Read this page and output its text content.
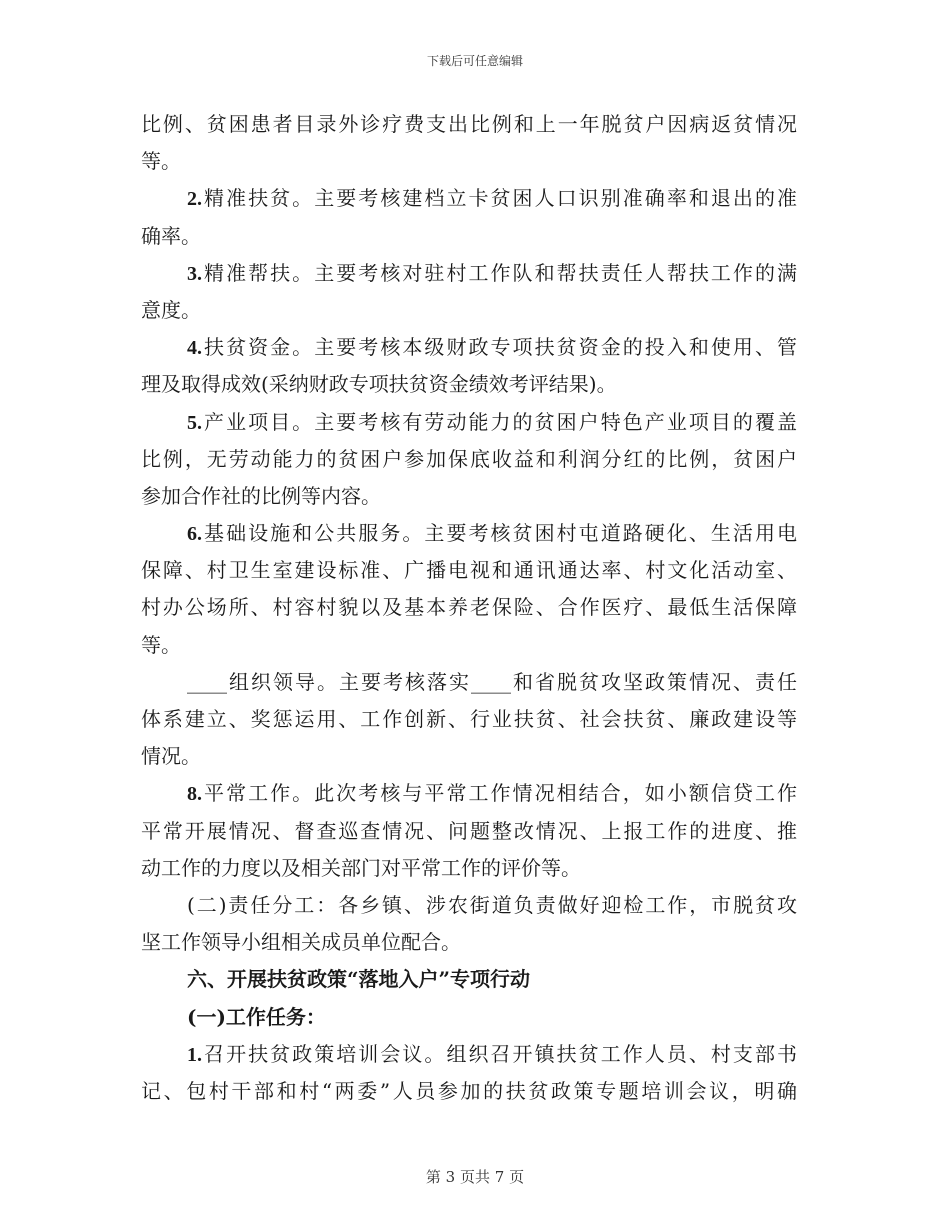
下载后可任意编辑
比例、贫困患者目录外诊疗费支出比例和上一年脱贫户因病返贫情况
等。
2.精准扶贫。主要考核建档立卡贫困人口识别准确率和退出的准
确率。
3.精准帮扶。主要考核对驻村工作队和帮扶责任人帮扶工作的满
意度。
4.扶贫资金。主要考核本级财政专项扶贫资金的投入和使用、管
理及取得成效(采纳财政专项扶贫资金绩效考评结果)。
5.产业项目。主要考核有劳动能力的贫困户特色产业项目的覆盖
比例，无劳动能力的贫困户参加保底收益和利润分红的比例，贫困户
参加合作社的比例等内容。
6.基础设施和公共服务。主要考核贫困村屯道路硬化、生活用电
保障、村卫生室建设标准、广播电视和通讯通达率、村文化活动室、
村办公场所、村容村貌以及基本养老保险、合作医疗、最低生活保障
等。
____组织领导。主要考核落实____和省脱贫攻坚政策情况、责任
体系建立、奖惩运用、工作创新、行业扶贫、社会扶贫、廉政建设等
情况。
8.平常工作。此次考核与平常工作情况相结合，如小额信贷工作
平常开展情况、督查巡查情况、问题整改情况、上报工作的进度、推
动工作的力度以及相关部门对平常工作的评价等。
(二)责任分工：各乡镇、涉农街道负责做好迎检工作，市脱贫攻
坚工作领导小组相关成员单位配合。
六、开展扶贫政策“落地入户”专项行动
(一)工作任务：
1.召开扶贫政策培训会议。组织召开镇扶贫工作人员、村支部书
记、包村干部和村“两委”人员参加的扶贫政策专题培训会议，明确
第 3 页共 7 页
